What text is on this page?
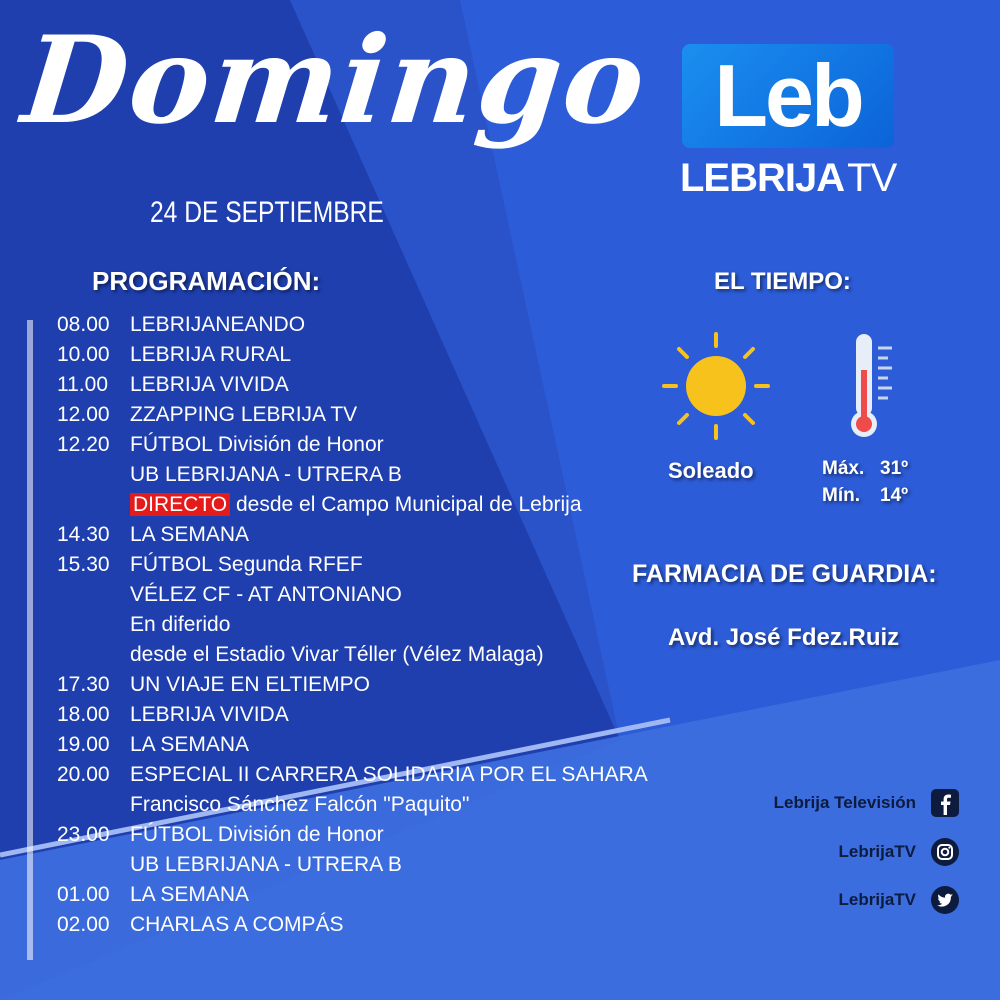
Domingo
24 DE SEPTIEMBRE
PROGRAMACIÓN:
08.00 LEBRIJANEANDO
10.00 LEBRIJA RURAL
11.00	LEBRIJA VIVIDA
12.00 ZZAPPING LEBRIJA TV
12.20 FÚTBOL División de Honor
UB LEBRIJANA - UTRERA B
DIRECTO desde el Campo Municipal de Lebrija
14.30 LA SEMANA
15.30 FÚTBOL Segunda RFEF
VÉLEZ CF - AT ANTONIANO
En diferido
desde el Estadio Vivar Téller (Vélez Malaga)
17.30 UN VIAJE EN ELTIEMPO
18.00 LEBRIJA VIVIDA
19.00 LA SEMANA
20.00 ESPECIAL II CARRERA SOLIDARIA POR EL SAHARA
Francisco Sánchez Falcón "Paquito"
23.00 FÚTBOL División de Honor
UB LEBRIJANA - UTRERA B
01.00 LA SEMANA
02.00 CHARLAS A COMPÁS
Leb
LEBRIJATV
EL TIEMPO:
Soleado	Máx. 31º
Mín. 14º
FARMACIA DE GUARDIA:
Avd. José Fdez.Ruiz
Lebrija Televisión
LebrijaTV
LebrijaTV
